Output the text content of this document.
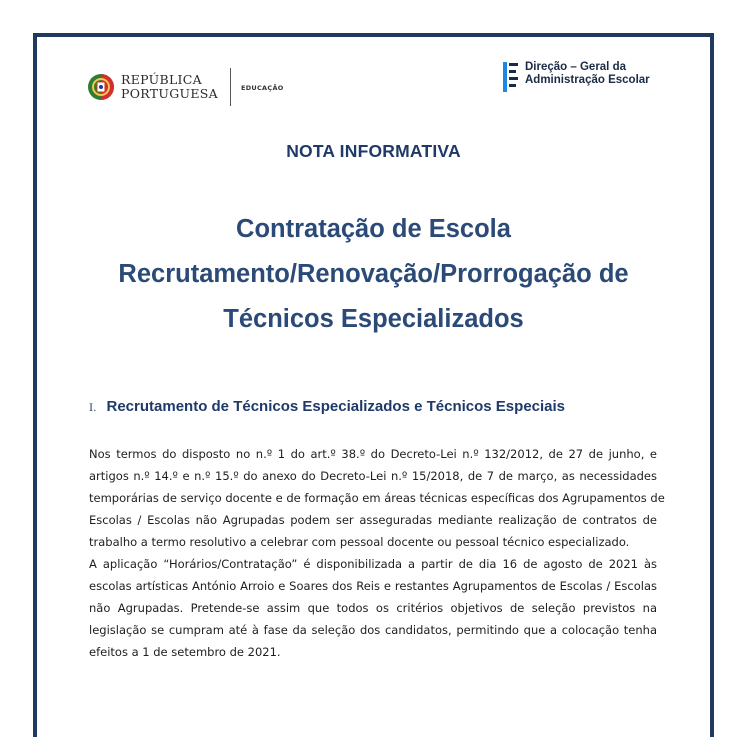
REPÚBLICA
PORTUGUESA	EDUCAÇÃO
Direção – Geral da
Administração Escolar
NOTA INFORMATIVA
Contratação de Escola
Recrutamento/Renovação/Prorrogação de
Técnicos Especializados
I. Recrutamento de Técnicos Especializados e Técnicos Especiais

Nos termos do disposto no n.º 1 do art.º 38.º do Decreto-Lei n.º 132/2012, de 27 de junho, e
artigos n.º 14.º e n.º 15.º do anexo do Decreto-Lei n.º 15/2018, de 7 de março, as necessidades
temporárias de serviço docente e de formação em áreas técnicas específicas dos Agrupamentos de
Escolas / Escolas não Agrupadas podem ser asseguradas mediante realização de contratos de
trabalho a termo resolutivo a celebrar com pessoal docente ou pessoal técnico especializado.

A aplicação “Horários/Contratação” é disponibilizada a partir de dia 16 de agosto de 2021 às
escolas artísticas António Arroio e Soares dos Reis e restantes Agrupamentos de Escolas / Escolas
não Agrupadas. Pretende-se assim que todos os critérios objetivos de seleção previstos na
legislação se cumpram até à fase da seleção dos candidatos, permitindo que a colocação tenha
efeitos a 1 de setembro de 2021.
